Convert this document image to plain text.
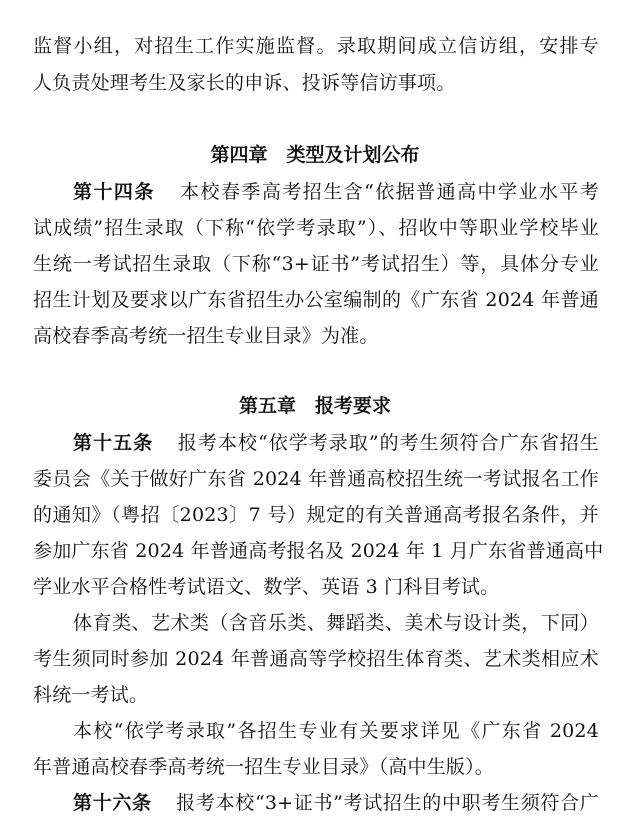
监督小组，对招生工作实施监督。录取期间成立信访组，安排专
人负责处理考生及家长的申诉、投诉等信访事项。
第四章　类型及计划公布
第十四条 本校春季高考招生含“依据普通高中学业水平考
试成绩”招生录取（下称“依学考录取”）、招收中等职业学校毕业
生统一考试招生录取（下称“3+证书”考试招生）等，具体分专业
招生计划及要求以广东省招生办公室编制的《广东省 2024 年普通
高校春季高考统一招生专业目录》为准。
第五章　报考要求
第十五条 报考本校“依学考录取”的考生须符合广东省招生
委员会《关于做好广东省 2024 年普通高校招生统一考试报名工作
的通知》（粤招〔2023〕7 号）规定的有关普通高考报名条件，并
参加广东省 2024 年普通高考报名及 2024 年 1 月广东省普通高中
学业水平合格性考试语文、数学、英语 3 门科目考试。
体育类、艺术类（含音乐类、舞蹈类、美术与设计类，下同）
考生须同时参加 2024 年普通高等学校招生体育类、艺术类相应术
科统一考试。
本校“依学考录取”各招生专业有关要求详见《广东省 2024
年普通高校春季高考统一招生专业目录》（高中生版）。
第十六条 报考本校“3+证书”考试招生的中职考生须符合广
